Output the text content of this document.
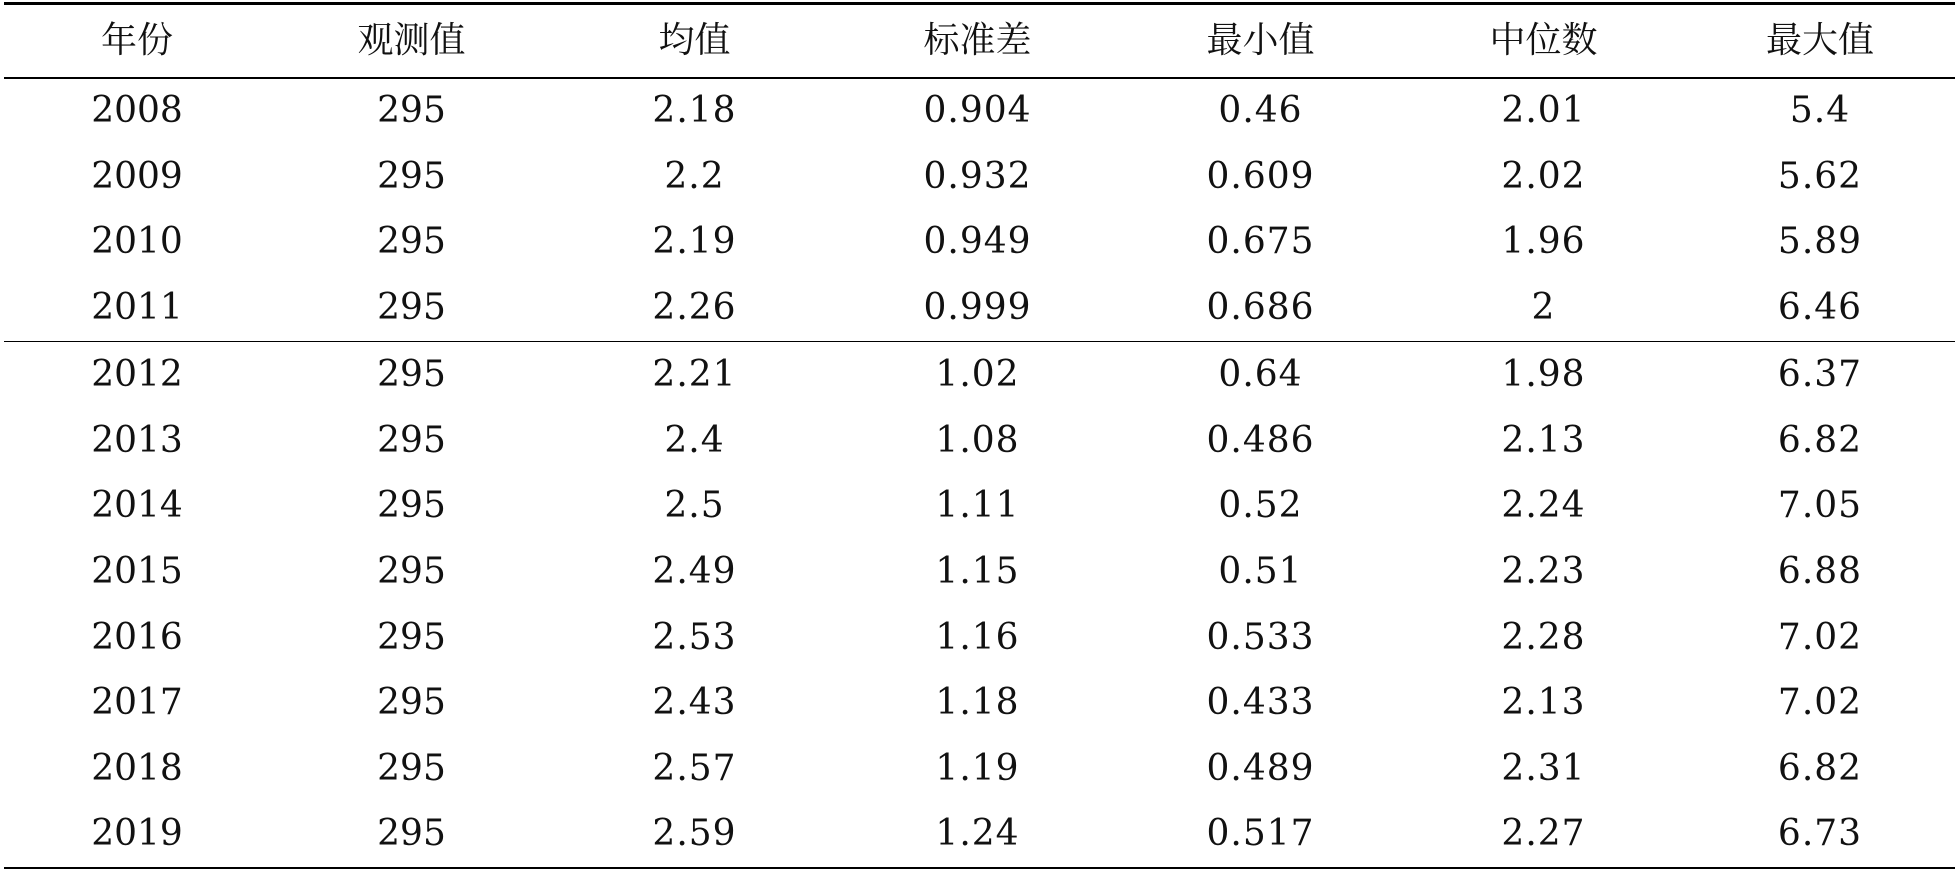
年份	观测值	均值	标准差	最小值	中位数	最大值
2008	295	2.18	0.904	0.46	2.01	5.4
2009	295	2.2	0.932	0.609	2.02	5.62
2010	295	2.19	0.949	0.675	1.96	5.89
2011	295	2.26	0.999	0.686	2	6.46
2012	295	2.21	1.02	0.64	1.98	6.37
2013	295	2.4	1.08	0.486	2.13	6.82
2014	295	2.5	1.11	0.52	2.24	7.05
2015	295	2.49	1.15	0.51	2.23	6.88
2016	295	2.53	1.16	0.533	2.28	7.02
2017	295	2.43	1.18	0.433	2.13	7.02
2018	295	2.57	1.19	0.489	2.31	6.82
2019	295	2.59	1.24	0.517	2.27	6.73
